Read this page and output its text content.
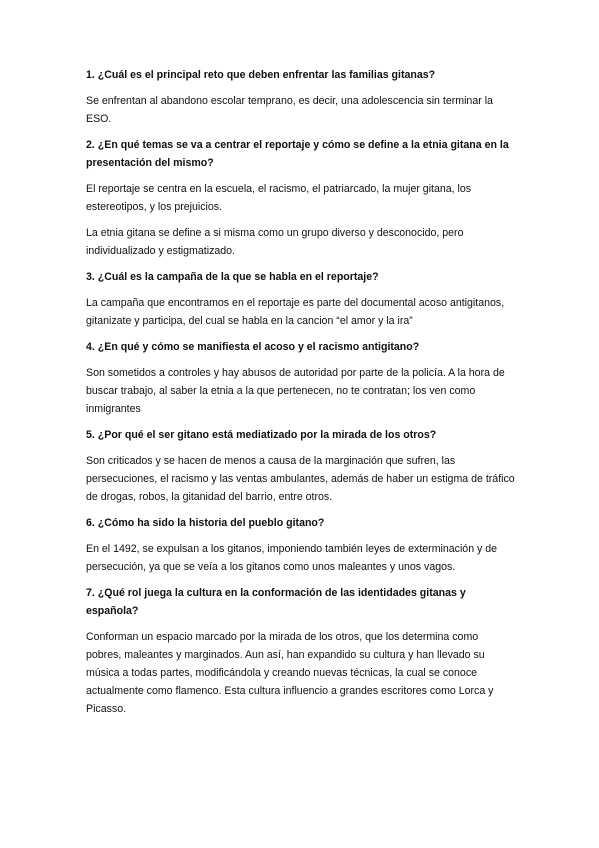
1. ¿Cuál es el principal reto que deben enfrentar las familias gitanas?

Se enfrentan al abandono escolar temprano, es decir, una adolescencia sin terminar la ESO.

2. ¿En qué temas se va a centrar el reportaje y cómo se define a la etnia gitana en la presentación del mismo?

El reportaje se centra en la escuela, el racismo, el patriarcado, la mujer gitana, los estereotipos, y los prejuicios.

La etnia gitana se define a si misma como un grupo diverso y desconocido, pero individualizado y estigmatizado.

3. ¿Cuál es la campaña de la que se habla en el reportaje?

La campaña que encontramos en el reportaje es parte del documental acoso antigitanos, gitanizate y participa, del cual se habla en la cancion “el amor y la ira”

4. ¿En qué y cómo se manifiesta el acoso y el racismo antigitano?

Son sometidos a controles y hay abusos de autoridad por parte de la policía. A la hora de buscar trabajo, al saber la etnia a la que pertenecen, no te contratan; los ven como inmigrantes

5. ¿Por qué el ser gitano está mediatizado por la mirada de los otros?

Son criticados y se hacen de menos a causa de la marginación que sufren, las persecuciones, el racismo y las ventas ambulantes, además de haber un estigma de tráfico de drogas, robos, la gitanidad del barrio, entre otros.

6. ¿Cómo ha sido la historia del pueblo gitano?

En el 1492, se expulsan a los gitanos, imponiendo también leyes de exterminación y de persecución, ya que se veía a los gitanos como unos maleantes y unos vagos.

7. ¿Qué rol juega la cultura en la conformación de las identidades gitanas y española?

Conforman un espacio marcado por la mirada de los otros, que los determina como pobres, maleantes y marginados. Aun así, han expandido su cultura y han llevado su música a todas partes, modificándola y creando nuevas técnicas, la cual se conoce actualmente como flamenco. Esta cultura influencio a grandes escritores como Lorca y Picasso.
